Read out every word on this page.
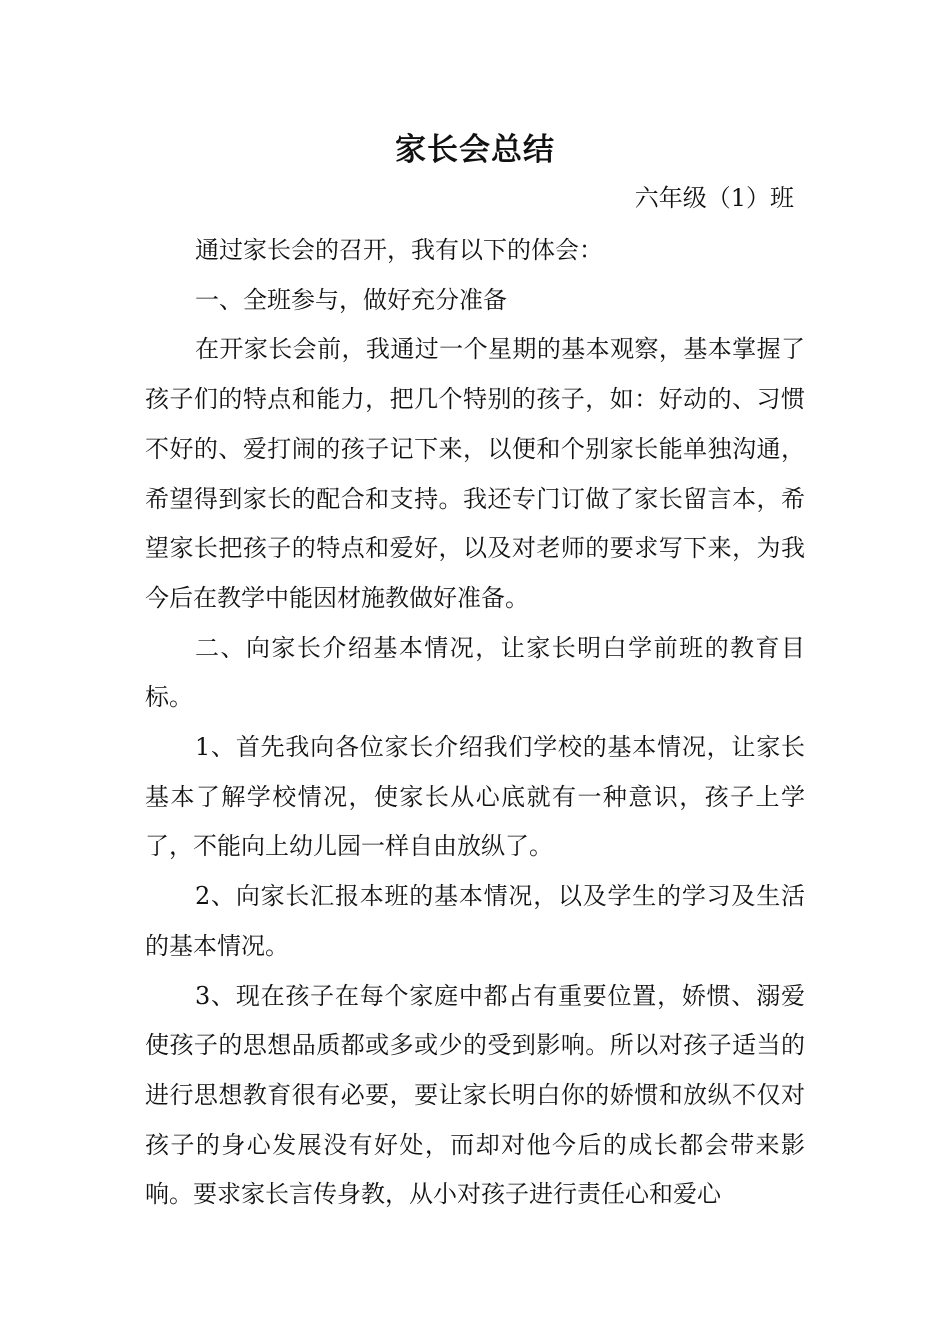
家长会总结
六年级（1）班

通过家长会的召开，我有以下的体会：

一、全班参与，做好充分准备

在开家长会前，我通过一个星期的基本观察，基本掌握了孩子们的特点和能力，把几个特别的孩子，如：好动的、习惯不好的、爱打闹的孩子记下来，以便和个别家长能单独沟通，希望得到家长的配合和支持。我还专门订做了家长留言本，希望家长把孩子的特点和爱好，以及对老师的要求写下来，为我今后在教学中能因材施教做好准备。

二、向家长介绍基本情况，让家长明白学前班的教育目标。

1、首先我向各位家长介绍我们学校的基本情况，让家长基本了解学校情况，使家长从心底就有一种意识，孩子上学了，不能向上幼儿园一样自由放纵了。

2、向家长汇报本班的基本情况，以及学生的学习及生活的基本情况。

3、现在孩子在每个家庭中都占有重要位置，娇惯、溺爱使孩子的思想品质都或多或少的受到影响。所以对孩子适当的进行思想教育很有必要，要让家长明白你的娇惯和放纵不仅对孩子的身心发展没有好处，而却对他今后的成长都会带来影响。要求家长言传身教，从小对孩子进行责任心和爱心
